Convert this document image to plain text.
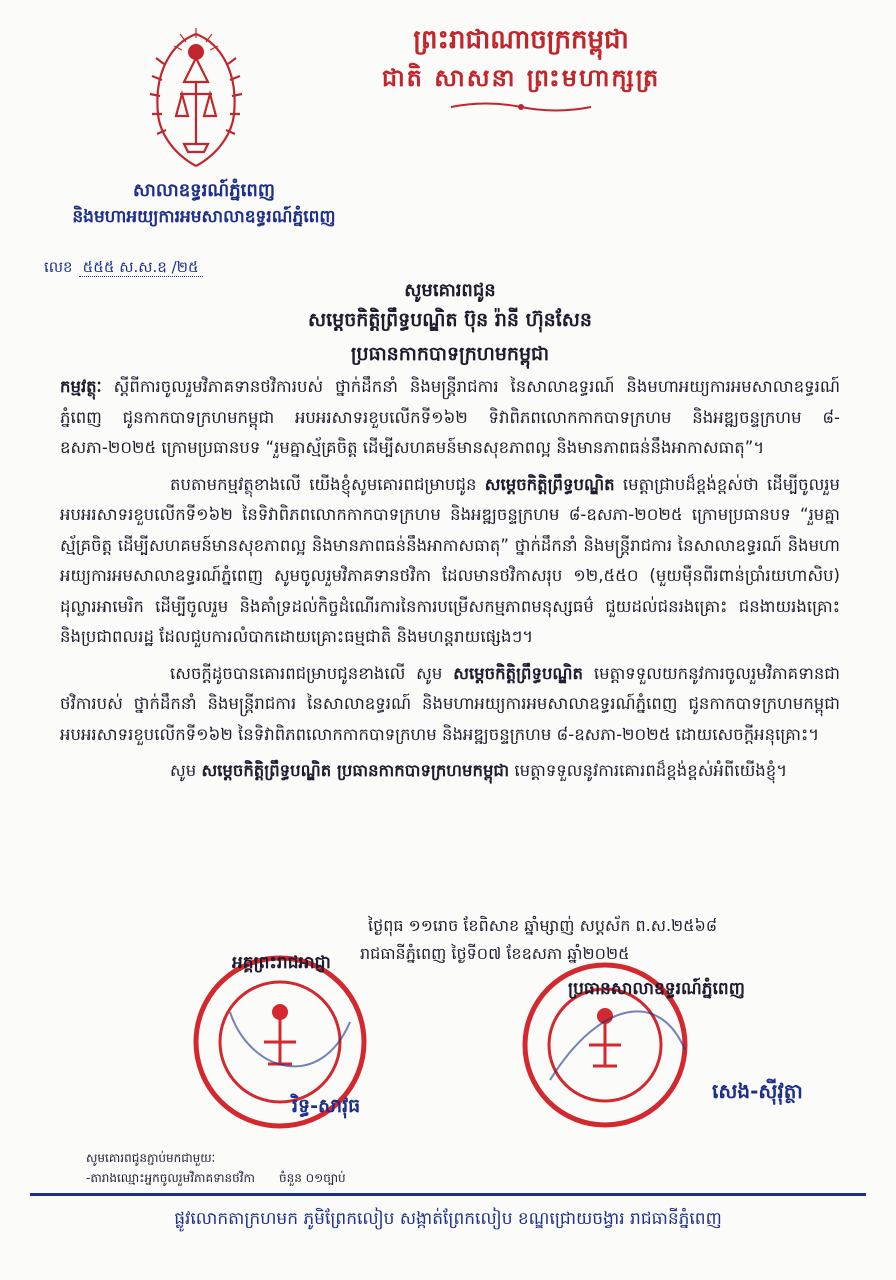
ព្រះរាជាណាចក្រកម្ពុជា
ជាតិ សាសនា ព្រះមហាក្សត្រ
សាលាឧទ្ធរណ៍ភ្នំពេញ
និងមហាអយ្យការអមសាលាឧទ្ធរណ៍ភ្នំពេញ
លេខ ៥៥៥ ស.ស.ឧ /២៥
សូមគោរពជូន
សម្តេចកិត្តិព្រឹទ្ធបណ្ឌិត ប៊ុន រ៉ានី ហ៊ុនសែន
ប្រធានកាកបាទក្រហមកម្ពុជា

កម្មវត្ថុៈ ស្តីពីការចូលរួមវិភាគទានថវិការបស់ ថ្នាក់ដឹកនាំ និងមន្ត្រីរាជការ នៃសាលាឧទ្ធរណ៍ និងមហាអយ្យការអមសាលាឧទ្ធរណ៍ភ្នំពេញ ជូនកាកបាទក្រហមកម្ពុជា អបអរសាទរខួបលើកទី១៦២ ទិវាពិភពលោកកាកបាទក្រហម និងអឌ្ឍចន្ទក្រហម ៨-ឧសភា-២០២៥ ក្រោមប្រធានបទ “រួមគ្នាស្ម័គ្រចិត្ត ដើម្បីសហគមន៍មានសុខភាពល្អ និងមានភាពធន់នឹងអាកាសធាតុ”។

តបតាមកម្មវត្ថុខាងលើ យើងខ្ញុំសូមគោរពជម្រាបជូន សម្តេចកិត្តិព្រឹទ្ធបណ្ឌិត មេត្តាជ្រាបដ៏ខ្ពង់ខ្ពស់ថា ដើម្បីចូលរួមអបអរសាទរខួបលើកទី១៦២ នៃទិវាពិភពលោកកាកបាទក្រហម និងអឌ្ឍចន្ទក្រហម ៨-ឧសភា-២០២៥ ក្រោមប្រធានបទ “រួមគ្នាស្ម័គ្រចិត្ត ដើម្បីសហគមន៍មានសុខភាពល្អ និងមានភាពធន់នឹងអាកាសធាតុ” ថ្នាក់ដឹកនាំ និងមន្ត្រីរាជការ នៃសាលាឧទ្ធរណ៍ និងមហាអយ្យការអមសាលាឧទ្ធរណ៍ភ្នំពេញ សូមចូលរួមវិភាគទានថវិកា ដែលមានថវិកាសរុប ១២,៥៥០ (មួយម៉ឺនពីរពាន់ប្រាំរយហាសិប) ដុល្លារអាមេរិក ដើម្បីចូលរួម និងគាំទ្រដល់កិច្ចដំណើរការនៃការបម្រើសកម្មភាពមនុស្សធម៌ ជួយដល់ជនរងគ្រោះ ជនងាយរងគ្រោះ និងប្រជាពលរដ្ឋ ដែលជួបការលំបាកដោយគ្រោះធម្មជាតិ និងមហន្តរាយផ្សេងៗ។

សេចក្តីដូចបានគោរពជម្រាបជូនខាងលើ សូម សម្តេចកិត្តិព្រឹទ្ធបណ្ឌិត មេត្តាទទួលយកនូវការចូលរួមវិភាគទានជាថវិការបស់ ថ្នាក់ដឹកនាំ និងមន្ត្រីរាជការ នៃសាលាឧទ្ធរណ៍ និងមហាអយ្យការអមសាលាឧទ្ធរណ៍ភ្នំពេញ ជូនកាកបាទក្រហមកម្ពុជា អបអរសាទរខួបលើកទី១៦២ នៃទិវាពិភពលោកកាកបាទក្រហម និងអឌ្ឍចន្ទក្រហម ៨-ឧសភា-២០២៥ ដោយសេចក្តីអនុគ្រោះ។

សូម សម្តេចកិត្តិព្រឹទ្ធបណ្ឌិត ប្រធានកាកបាទក្រហមកម្ពុជា មេត្តាទទួលនូវការគោរពដ៏ខ្ពង់ខ្ពស់អំពីយើងខ្ញុំ។

ថ្ងៃពុធ ១១រោច ខែពិសាខ ឆ្នាំម្សាញ់ សប្តស័ក ព.ស.២៥៦៨
រាជធានីភ្នំពេញ ថ្ងៃទី០៧ ខែឧសភា ឆ្នាំ២០២៥
អគ្គព្រះរាជអាជ្ញា
ប្រធានសាលាឧទ្ធរណ៍ភ្នំពេញ
រិទ្ធ-សាវុធ
សេង-ស៊ីវុត្ថា
សូមគោរពជូនភ្ជាប់មកជាមួយៈ
-តារាងឈ្មោះអ្នកចូលរួមវិភាគទានថវិកា ចំនួន ០១ច្បាប់
ផ្លូវលោកតាក្រហមក ភូមិព្រែកលៀប សង្កាត់ព្រែកលៀប ខណ្ឌជ្រោយចង្វារ រាជធានីភ្នំពេញ
